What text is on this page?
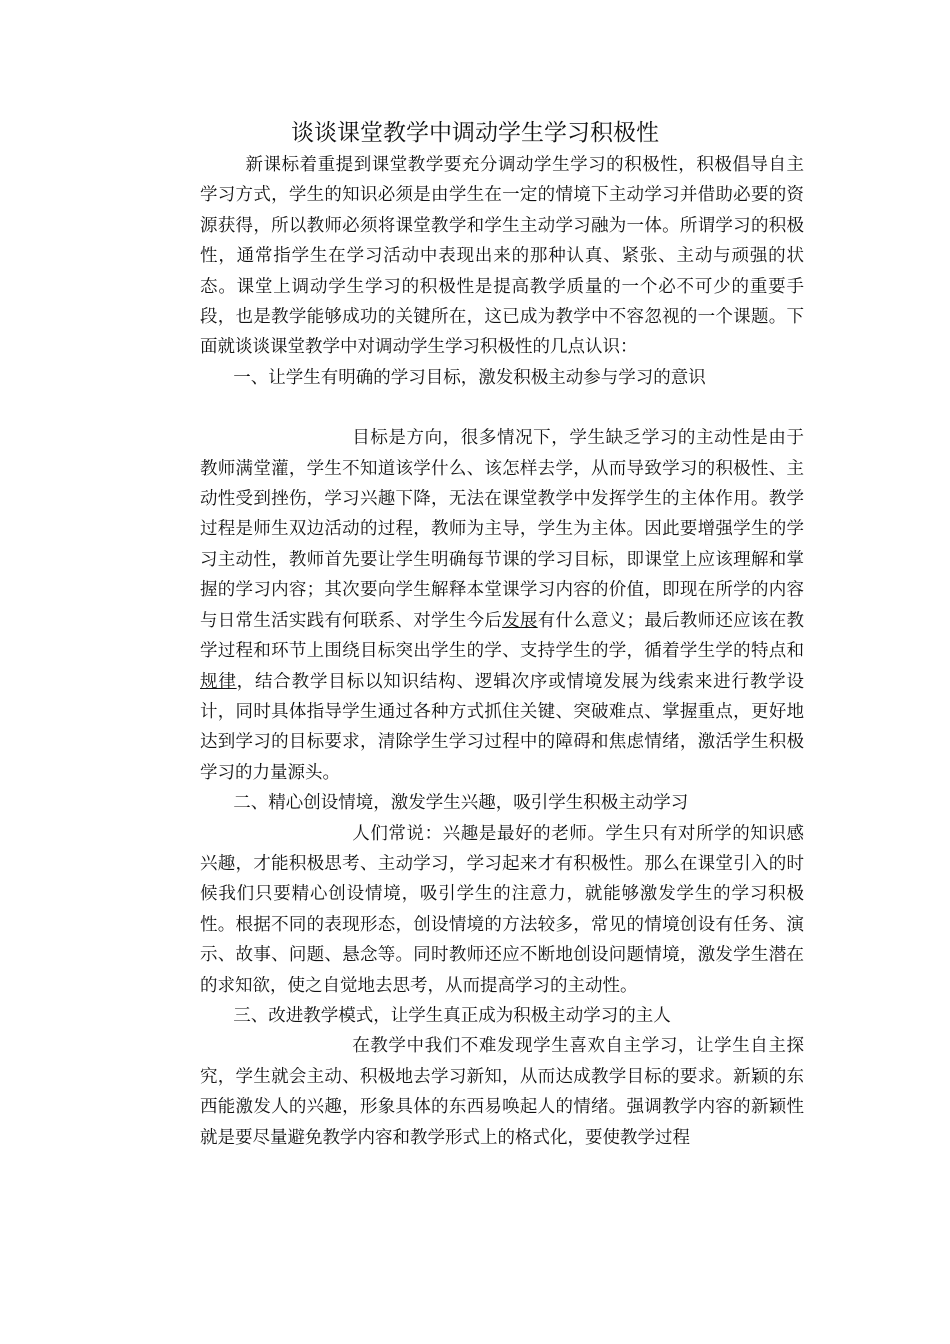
谈谈课堂教学中调动学生学习积极性

新课标着重提到课堂教学要充分调动学生学习的积极性，积极倡导自主学习方式，学生的知识必须是由学生在一定的情境下主动学习并借助必要的资源获得，所以教师必须将课堂教学和学生主动学习融为一体。所谓学习的积极性，通常指学生在学习活动中表现出来的那种认真、紧张、主动与顽强的状态。课堂上调动学生学习的积极性是提高教学质量的一个必不可少的重要手段，也是教学能够成功的关键所在，这已成为教学中不容忽视的一个课题。下面就谈谈课堂教学中对调动学生学习积极性的几点认识：

一、让学生有明确的学习目标，激发积极主动参与学习的意识

目标是方向，很多情况下，学生缺乏学习的主动性是由于教师满堂灌，学生不知道该学什么、该怎样去学，从而导致学习的积极性、主动性受到挫伤，学习兴趣下降，无法在课堂教学中发挥学生的主体作用。教学过程是师生双边活动的过程，教师为主导，学生为主体。因此要增强学生的学习主动性，教师首先要让学生明确每节课的学习目标，即课堂上应该理解和掌握的学习内容；其次要向学生解释本堂课学习内容的价值，即现在所学的内容与日常生活实践有何联系、对学生今后发展有什么意义；最后教师还应该在教学过程和环节上围绕目标突出学生的学、支持学生的学，循着学生学的特点和规律，结合教学目标以知识结构、逻辑次序或情境发展为线索来进行教学设计，同时具体指导学生通过各种方式抓住关键、突破难点、掌握重点，更好地达到学习的目标要求，清除学生学习过程中的障碍和焦虑情绪，激活学生积极学习的力量源头。

二、精心创设情境，激发学生兴趣，吸引学生积极主动学习

人们常说：兴趣是最好的老师。学生只有对所学的知识感兴趣，才能积极思考、主动学习，学习起来才有积极性。那么在课堂引入的时候我们只要精心创设情境，吸引学生的注意力，就能够激发学生的学习积极性。根据不同的表现形态，创设情境的方法较多，常见的情境创设有任务、演示、故事、问题、悬念等。同时教师还应不断地创设问题情境，激发学生潜在的求知欲，使之自觉地去思考，从而提高学习的主动性。

三、改进教学模式，让学生真正成为积极主动学习的主人

在教学中我们不难发现学生喜欢自主学习，让学生自主探究，学生就会主动、积极地去学习新知，从而达成教学目标的要求。新颖的东西能激发人的兴趣，形象具体的东西易唤起人的情绪。强调教学内容的新颖性就是要尽量避免教学内容和教学形式上的格式化，要使教学过程
